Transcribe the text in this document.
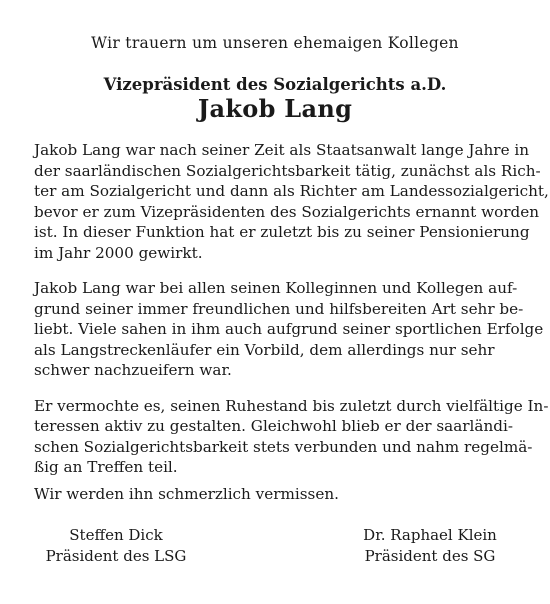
Wir trauern um unseren ehemaigen Kollegen
Vizepräsident des Sozialgerichts a.D.
Jakob Lang
Jakob Lang war nach seiner Zeit als Staatsanwalt lange Jahre in
der saarländischen Sozialgerichtsbarkeit tätig, zunächst als Rich-
ter am Sozialgericht und dann als Richter am Landessozialgericht,
bevor er zum Vizepräsidenten des Sozialgerichts ernannt worden
ist. In dieser Funktion hat er zuletzt bis zu seiner Pensionierung
im Jahr 2000 gewirkt.
Jakob Lang war bei allen seinen Kolleginnen und Kollegen auf-
grund seiner immer freundlichen und hilfsbereiten Art sehr be-
liebt. Viele sahen in ihm auch aufgrund seiner sportlichen Erfolge
als Langstreckenläufer ein Vorbild, dem allerdings nur sehr
schwer nachzueifern war.
Er vermochte es, seinen Ruhestand bis zuletzt durch vielfältige In-
teressen aktiv zu gestalten. Gleichwohl blieb er der saarländi-
schen Sozialgerichtsbarkeit stets verbunden und nahm regelmä-
ßig an Treffen teil.
Wir werden ihn schmerzlich vermissen.
Steffen Dick
Präsident des LSG
Dr. Raphael Klein
Präsident des SG
